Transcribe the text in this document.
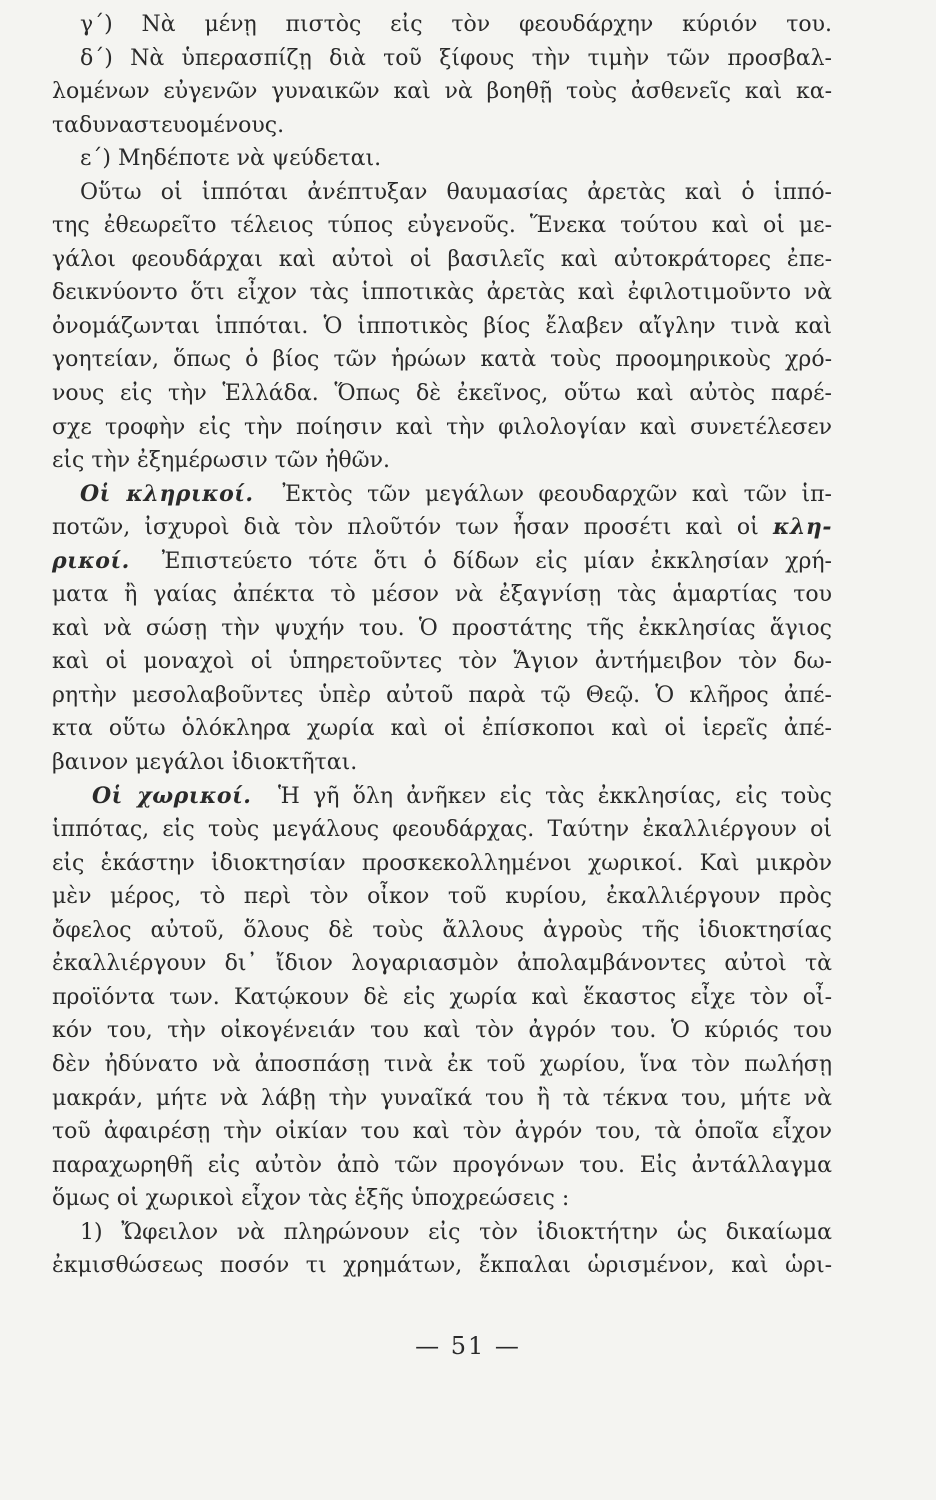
γ΄) Νὰ μένῃ πιστὸς εἰς τὸν φεουδάρχην κύριόν του.
δ΄) Νὰ ὑπερασπίζῃ διὰ τοῦ ξίφους τὴν τιμὴν τῶν προσβαλ-
λομένων εὐγενῶν γυναικῶν καὶ νὰ βοηθῇ τοὺς ἀσθενεῖς καὶ κα-
ταδυναστευομένους.
ε΄) Μηδέποτε νὰ ψεύδεται.
Οὕτω οἱ ἱππόται ἀνέπτυξαν θαυμασίας ἀρετὰς καὶ ὁ ἱππό-
της ἐθεωρεῖτο τέλειος τύπος εὐγενοῦς. Ἕνεκα τούτου καὶ οἱ με-
γάλοι φεουδάρχαι καὶ αὐτοὶ οἱ βασιλεῖς καὶ αὐτοκράτορες ἐπε-
δεικνύοντο ὅτι εἶχον τὰς ἱπποτικὰς ἀρετὰς καὶ ἐφιλοτιμοῦντο νὰ
ὀνομάζωνται ἱππόται. Ὁ ἱπποτικὸς βίος ἔλαβεν αἴγλην τινὰ καὶ
γοητείαν, ὅπως ὁ βίος τῶν ἡρώων κατὰ τοὺς προομηρικοὺς χρό-
νους εἰς τὴν Ἑλλάδα. Ὅπως δὲ ἐκεῖνος, οὕτω καὶ αὐτὸς παρέ-
σχε τροφὴν εἰς τὴν ποίησιν καὶ τὴν φιλολογίαν καὶ συνετέλεσεν
εἰς τὴν ἐξημέρωσιν τῶν ἠθῶν.
Οἱ κληρικοί. Ἐκτὸς τῶν μεγάλων φεουδαρχῶν καὶ τῶν ἱπ-
ποτῶν, ἰσχυροὶ διὰ τὸν πλοῦτόν των ἦσαν προσέτι καὶ οἱ κλη-
ρικοί. Ἐπιστεύετο τότε ὅτι ὁ δίδων εἰς μίαν ἐκκλησίαν χρή-
ματα ἢ γαίας ἀπέκτα τὸ μέσον νὰ ἐξαγνίσῃ τὰς ἁμαρτίας του
καὶ νὰ σώσῃ τὴν ψυχήν του. Ὁ προστάτης τῆς ἐκκλησίας ἅγιος
καὶ οἱ μοναχοὶ οἱ ὑπηρετοῦντες τὸν Ἅγιον ἀντήμειβον τὸν δω-
ρητὴν μεσολαβοῦντες ὑπὲρ αὐτοῦ παρὰ τῷ Θεῷ. Ὁ κλῆρος ἀπέ-
κτα οὕτω ὁλόκληρα χωρία καὶ οἱ ἐπίσκοποι καὶ οἱ ἱερεῖς ἀπέ-
βαινον μεγάλοι ἰδιοκτῆται.
Οἱ χωρικοί. Ἡ γῆ ὅλη ἀνῆκεν εἰς τὰς ἐκκλησίας, εἰς τοὺς
ἱππότας, εἰς τοὺς μεγάλους φεουδάρχας. Ταύτην ἐκαλλιέργουν οἱ
εἰς ἑκάστην ἰδιοκτησίαν προσκεκολλημένοι χωρικοί. Καὶ μικρὸν
μὲν μέρος, τὸ περὶ τὸν οἶκον τοῦ κυρίου, ἐκαλλιέργουν πρὸς
ὄφελος αὐτοῦ, ὅλους δὲ τοὺς ἄλλους ἀγροὺς τῆς ἰδιοκτησίας
ἐκαλλιέργουν δι᾿ ἴδιον λογαριασμὸν ἀπολαμβάνοντες αὐτοὶ τὰ
προϊόντα των. Κατῴκουν δὲ εἰς χωρία καὶ ἕκαστος εἶχε τὸν οἶ-
κόν του, τὴν οἰκογένειάν του καὶ τὸν ἀγρόν του. Ὁ κύριός του
δὲν ἠδύνατο νὰ ἀποσπάσῃ τινὰ ἐκ τοῦ χωρίου, ἵνα τὸν πωλήσῃ
μακράν, μήτε νὰ λάβῃ τὴν γυναῖκά του ἢ τὰ τέκνα του, μήτε νὰ
τοῦ ἀφαιρέσῃ τὴν οἰκίαν του καὶ τὸν ἀγρόν του, τὰ ὁποῖα εἶχον
παραχωρηθῆ εἰς αὐτὸν ἀπὸ τῶν προγόνων του. Εἰς ἀντάλλαγμα
ὅμως οἱ χωρικοὶ εἶχον τὰς ἑξῆς ὑποχρεώσεις :
1) Ὤφειλον νὰ πληρώνουν εἰς τὸν ἰδιοκτήτην ὡς δικαίωμα
ἐκμισθώσεως ποσόν τι χρημάτων, ἔκπαλαι ὡρισμένον, καὶ ὡρι-
— 51 —
